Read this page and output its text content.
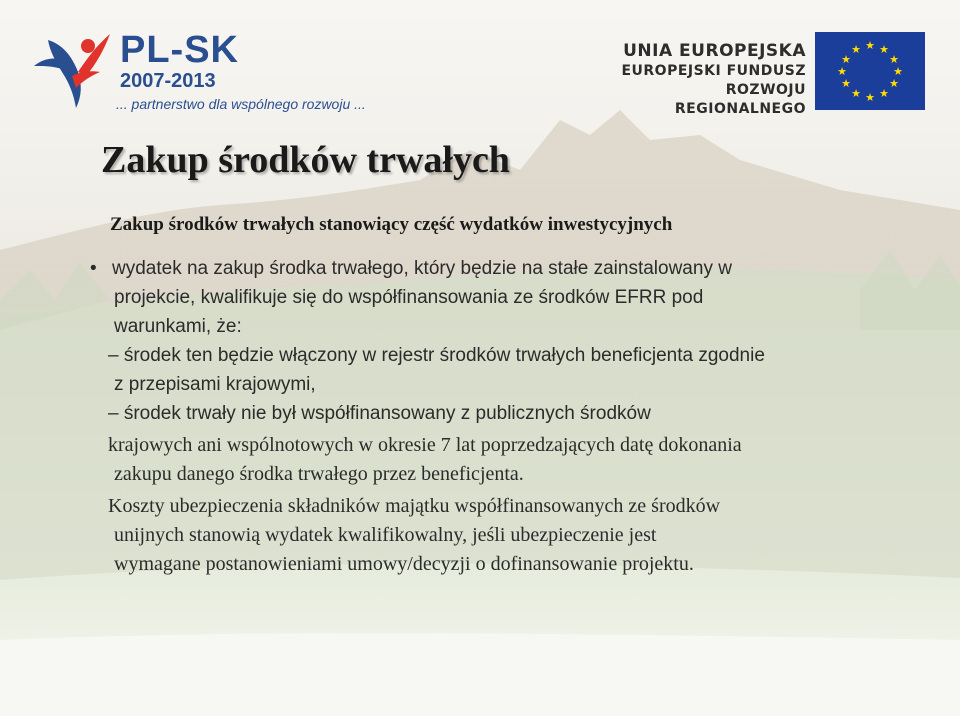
PL-SK
2007-2013
... partnerstwo dla wspólnego rozwoju ...
UNIA EUROPEJSKA
EUROPEJSKI FUNDUSZ
ROZWOJU REGIONALNEGO
★ ★
★
★
★
★
★
★
★
★
★
★
Zakup środków trwałych
Zakup środków trwałych stanowiący część wydatków inwestycyjnych
• wydatek na zakup środka trwałego, który będzie na stałe zainstalowany w
projekcie, kwalifikuje się do współfinansowania ze środków EFRR pod
warunkami, że:
– środek ten będzie włączony w rejestr środków trwałych beneficjenta zgodnie
z przepisami krajowymi,
– środek trwały nie był współfinansowany z publicznych środków
krajowych ani wspólnotowych w okresie 7 lat poprzedzających datę dokonania
zakupu danego środka trwałego przez beneficjenta.
Koszty ubezpieczenia składników majątku współfinansowanych ze środków
unijnych stanowią wydatek kwalifikowalny, jeśli ubezpieczenie jest
wymagane postanowieniami umowy/decyzji o dofinansowanie projektu.
